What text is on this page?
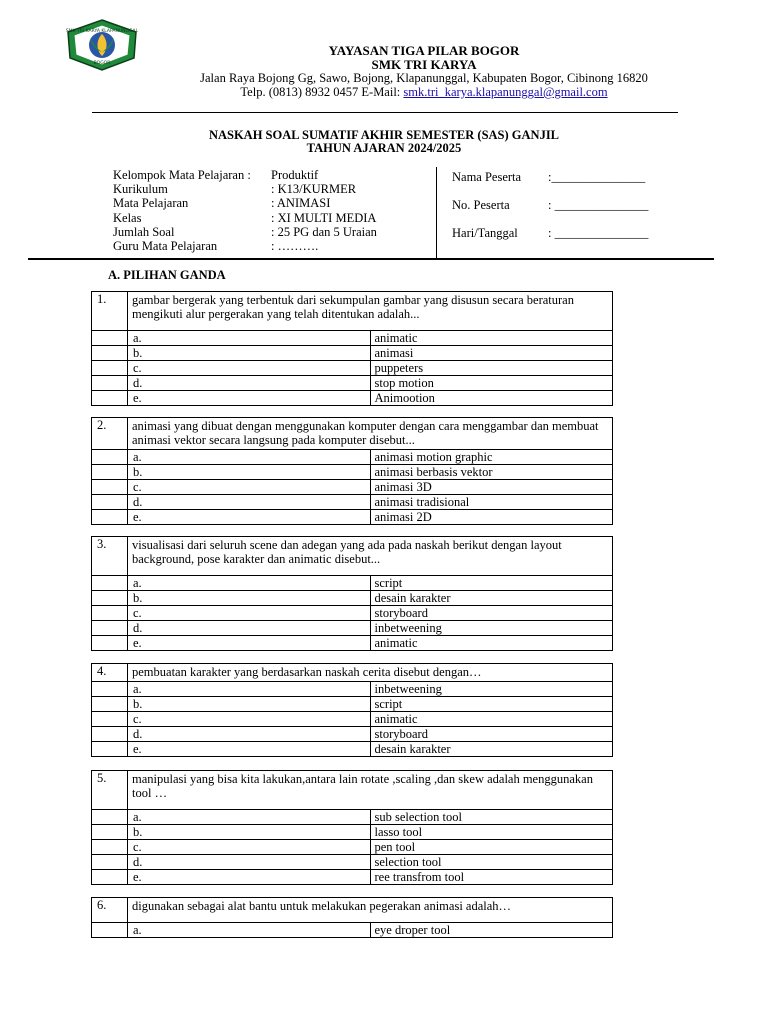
SMK TRI KARYA KLAPANUNGGAL
BOGOR
YAYASAN TIGA PILAR BOGOR
SMK TRI KARYA
Jalan Raya Bojong Gg, Sawo, Bojong, Klapanunggal, Kabupaten Bogor, Cibinong 16820
Telp. (0813) 8932 0457 E-Mail: smk.tri_karya.klapanunggal@gmail.com
NASKAH SOAL SUMATIF AKHIR SEMESTER (SAS) GANJIL
TAHUN AJARAN 2024/2025
Kelompok Mata Pelajaran :	Produktif
Kurikulum	: K13/KURMER
Mata Pelajaran	: ANIMASI
Kelas	: XI MULTI MEDIA
Jumlah Soal	: 25 PG dan 5 Uraian
Guru Mata Pelajaran	: ……….
Nama Peserta :_______________
No. Peserta	: _______________
Hari/Tanggal : _______________
A. PILIHAN GANDA
1.	gambar bergerak yang terbentuk dari sekumpulan gambar yang disusun secara beraturan mengikuti alur pergerakan yang telah ditentukan adalah...	
	a.	animatic
	b.	animasi
	c.	puppeters
	d.	stop motion
	e.	Animootion
2.	animasi yang dibuat dengan menggunakan komputer dengan cara menggambar dan membuat animasi vektor secara langsung pada komputer disebut...	
	a.	animasi motion graphic
	b.	animasi berbasis vektor
	c.	animasi 3D
	d.	animasi tradisional
	e.	animasi 2D
3.	visualisasi dari seluruh scene dan adegan yang ada pada naskah berikut dengan layout background, pose karakter dan animatic disebut...	
	a.	script
	b.	desain karakter
	c.	storyboard
	d.	inbetweening
	e.	animatic
4.	pembuatan karakter yang berdasarkan naskah cerita disebut dengan…	
	a.	inbetweening
	b.	script
	c.	animatic
	d.	storyboard
	e.	desain karakter
5.	manipulasi yang bisa kita lakukan,antara lain rotate ,scaling ,dan skew adalah menggunakan tool …	
	a.	sub selection tool
	b.	lasso tool
	c.	pen tool
	d.	selection tool
	e.	ree transfrom tool
6.	digunakan sebagai alat bantu untuk melakukan pegerakan animasi adalah…	
	a.	eye droper tool
